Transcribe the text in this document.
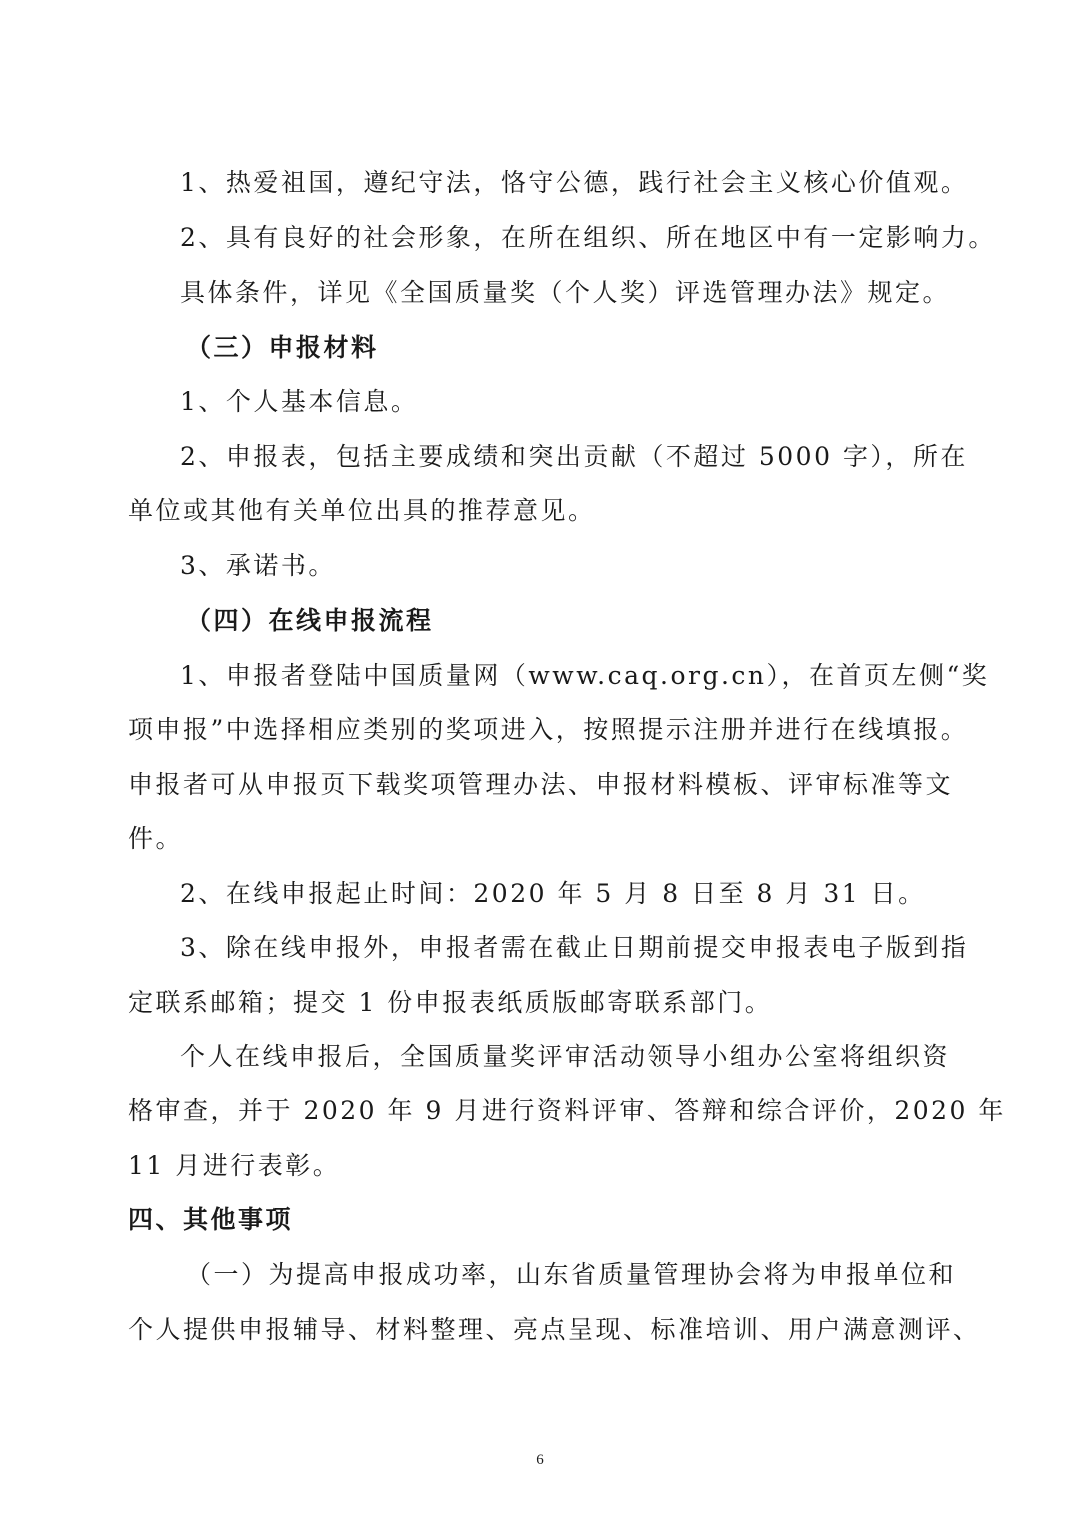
1、热爱祖国，遵纪守法，恪守公德，践行社会主义核心价值观。
2、具有良好的社会形象，在所在组织、所在地区中有一定影响力。
具体条件，详见《全国质量奖（个人奖）评选管理办法》规定。
（三）申报材料
1、个人基本信息。
2、申报表，包括主要成绩和突出贡献（不超过 5000 字），所在
单位或其他有关单位出具的推荐意见。
3、承诺书。
（四）在线申报流程
1、申报者登陆中国质量网（www.caq.org.cn），在首页左侧“奖
项申报”中选择相应类别的奖项进入，按照提示注册并进行在线填报。
申报者可从申报页下载奖项管理办法、申报材料模板、评审标准等文
件。
2、在线申报起止时间：2020 年 5 月 8 日至 8 月 31 日。
3、除在线申报外，申报者需在截止日期前提交申报表电子版到指
定联系邮箱；提交 1 份申报表纸质版邮寄联系部门。
个人在线申报后，全国质量奖评审活动领导小组办公室将组织资
格审查，并于 2020 年 9 月进行资料评审、答辩和综合评价，2020 年
11 月进行表彰。
四、其他事项
（一）为提高申报成功率，山东省质量管理协会将为申报单位和
个人提供申报辅导、材料整理、亮点呈现、标准培训、用户满意测评、
6
